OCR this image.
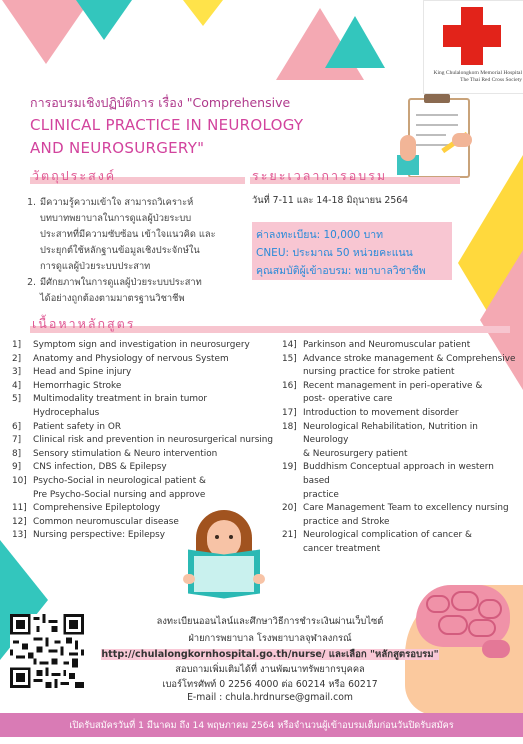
King Chulalongkorn Memorial Hospital
The Thai Red Cross Society
การอบรมเชิงปฏิบัติการ เรื่อง "Comprehensive
CLINICAL PRACTICE IN NEUROLOGY
AND NEUROSURGERY"
วัตถุประสงค์	ระยะเวลาการอบรม
1. มีความรู้ความเข้าใจ สามารถวิเคราะห์
บทบาทพยาบาลในการดูแลผู้ป่วยระบบ
ประสาทที่มีความซับซ้อน เข้าใจแนวคิด และ
ประยุกต์ใช้หลักฐานข้อมูลเชิงประจักษ์ใน
การดูแลผู้ป่วยระบบประสาท
2. มีศักยภาพในการดูแลผู้ป่วยระบบประสาท
ได้อย่างถูกต้องตามมาตรฐานวิชาชีพ
วันที่ 7-11 และ 14-18 มิถุนายน 2564
ค่าลงทะเบียน: 10,000 บาท
CNEU: ประมาณ 50 หน่วยคะแนน
คุณสมบัติผู้เข้าอบรม: พยาบาลวิชาชีพ
เนื้อหาหลักสูตร
1]	Symptom sign and investigation in neurosurgery
2]	Anatomy and Physiology of nervous System
3]	Head and Spine injury
4]	Hemorrhagic Stroke
5]	Multimodality treatment in brain tumor
Hydrocephalus
6]	Patient safety in OR
7]	Clinical risk and prevention in neurosurgerical nursing
8]	Sensory stimulation & Neuro intervention
9]	CNS infection, DBS & Epilepsy
10] Psycho-Social in neurological patient &
Pre Psycho-Social nursing and approve
11] Comprehensive Epileptology
12] Common neuromuscular disease
13] Nursing perspective: Epilepsy
14] Parkinson and Neuromuscular patient
15] Advance stroke management & Comprehensive
nursing practice for stroke patient
16] Recent management in peri-operative &
post- operative care
17] Introduction to movement disorder
18] Neurological Rehabilitation, Nutrition in Neurology
& Neurosurgery patient
19] Buddhism Conceptual approach in western based
practice
20] Care Management Team to excellency nursing
practice and Stroke
21] Neurological complication of cancer &
cancer treatment
ลงทะเบียนออนไลน์และศึกษาวิธีการชำระเงินผ่านเว็บไซต์
ฝ่ายการพยาบาล โรงพยาบาลจุฬาลงกรณ์
http://chulalongkornhospital.go.th/nurse/ และเลือก "หลักสูตรอบรม"
สอบถามเพิ่มเติมได้ที่ งานพัฒนาทรัพยากรบุคคล
เบอร์โทรศัพท์ 0 2256 4000 ต่อ 60214 หรือ 60217
E-mail : chula.hrdnurse@gmail.com
เปิดรับสมัครวันที่ 1 มีนาคม ถึง 14 พฤษภาคม 2564 หรือจำนวนผู้เข้าอบรมเต็มก่อนวันปิดรับสมัคร
